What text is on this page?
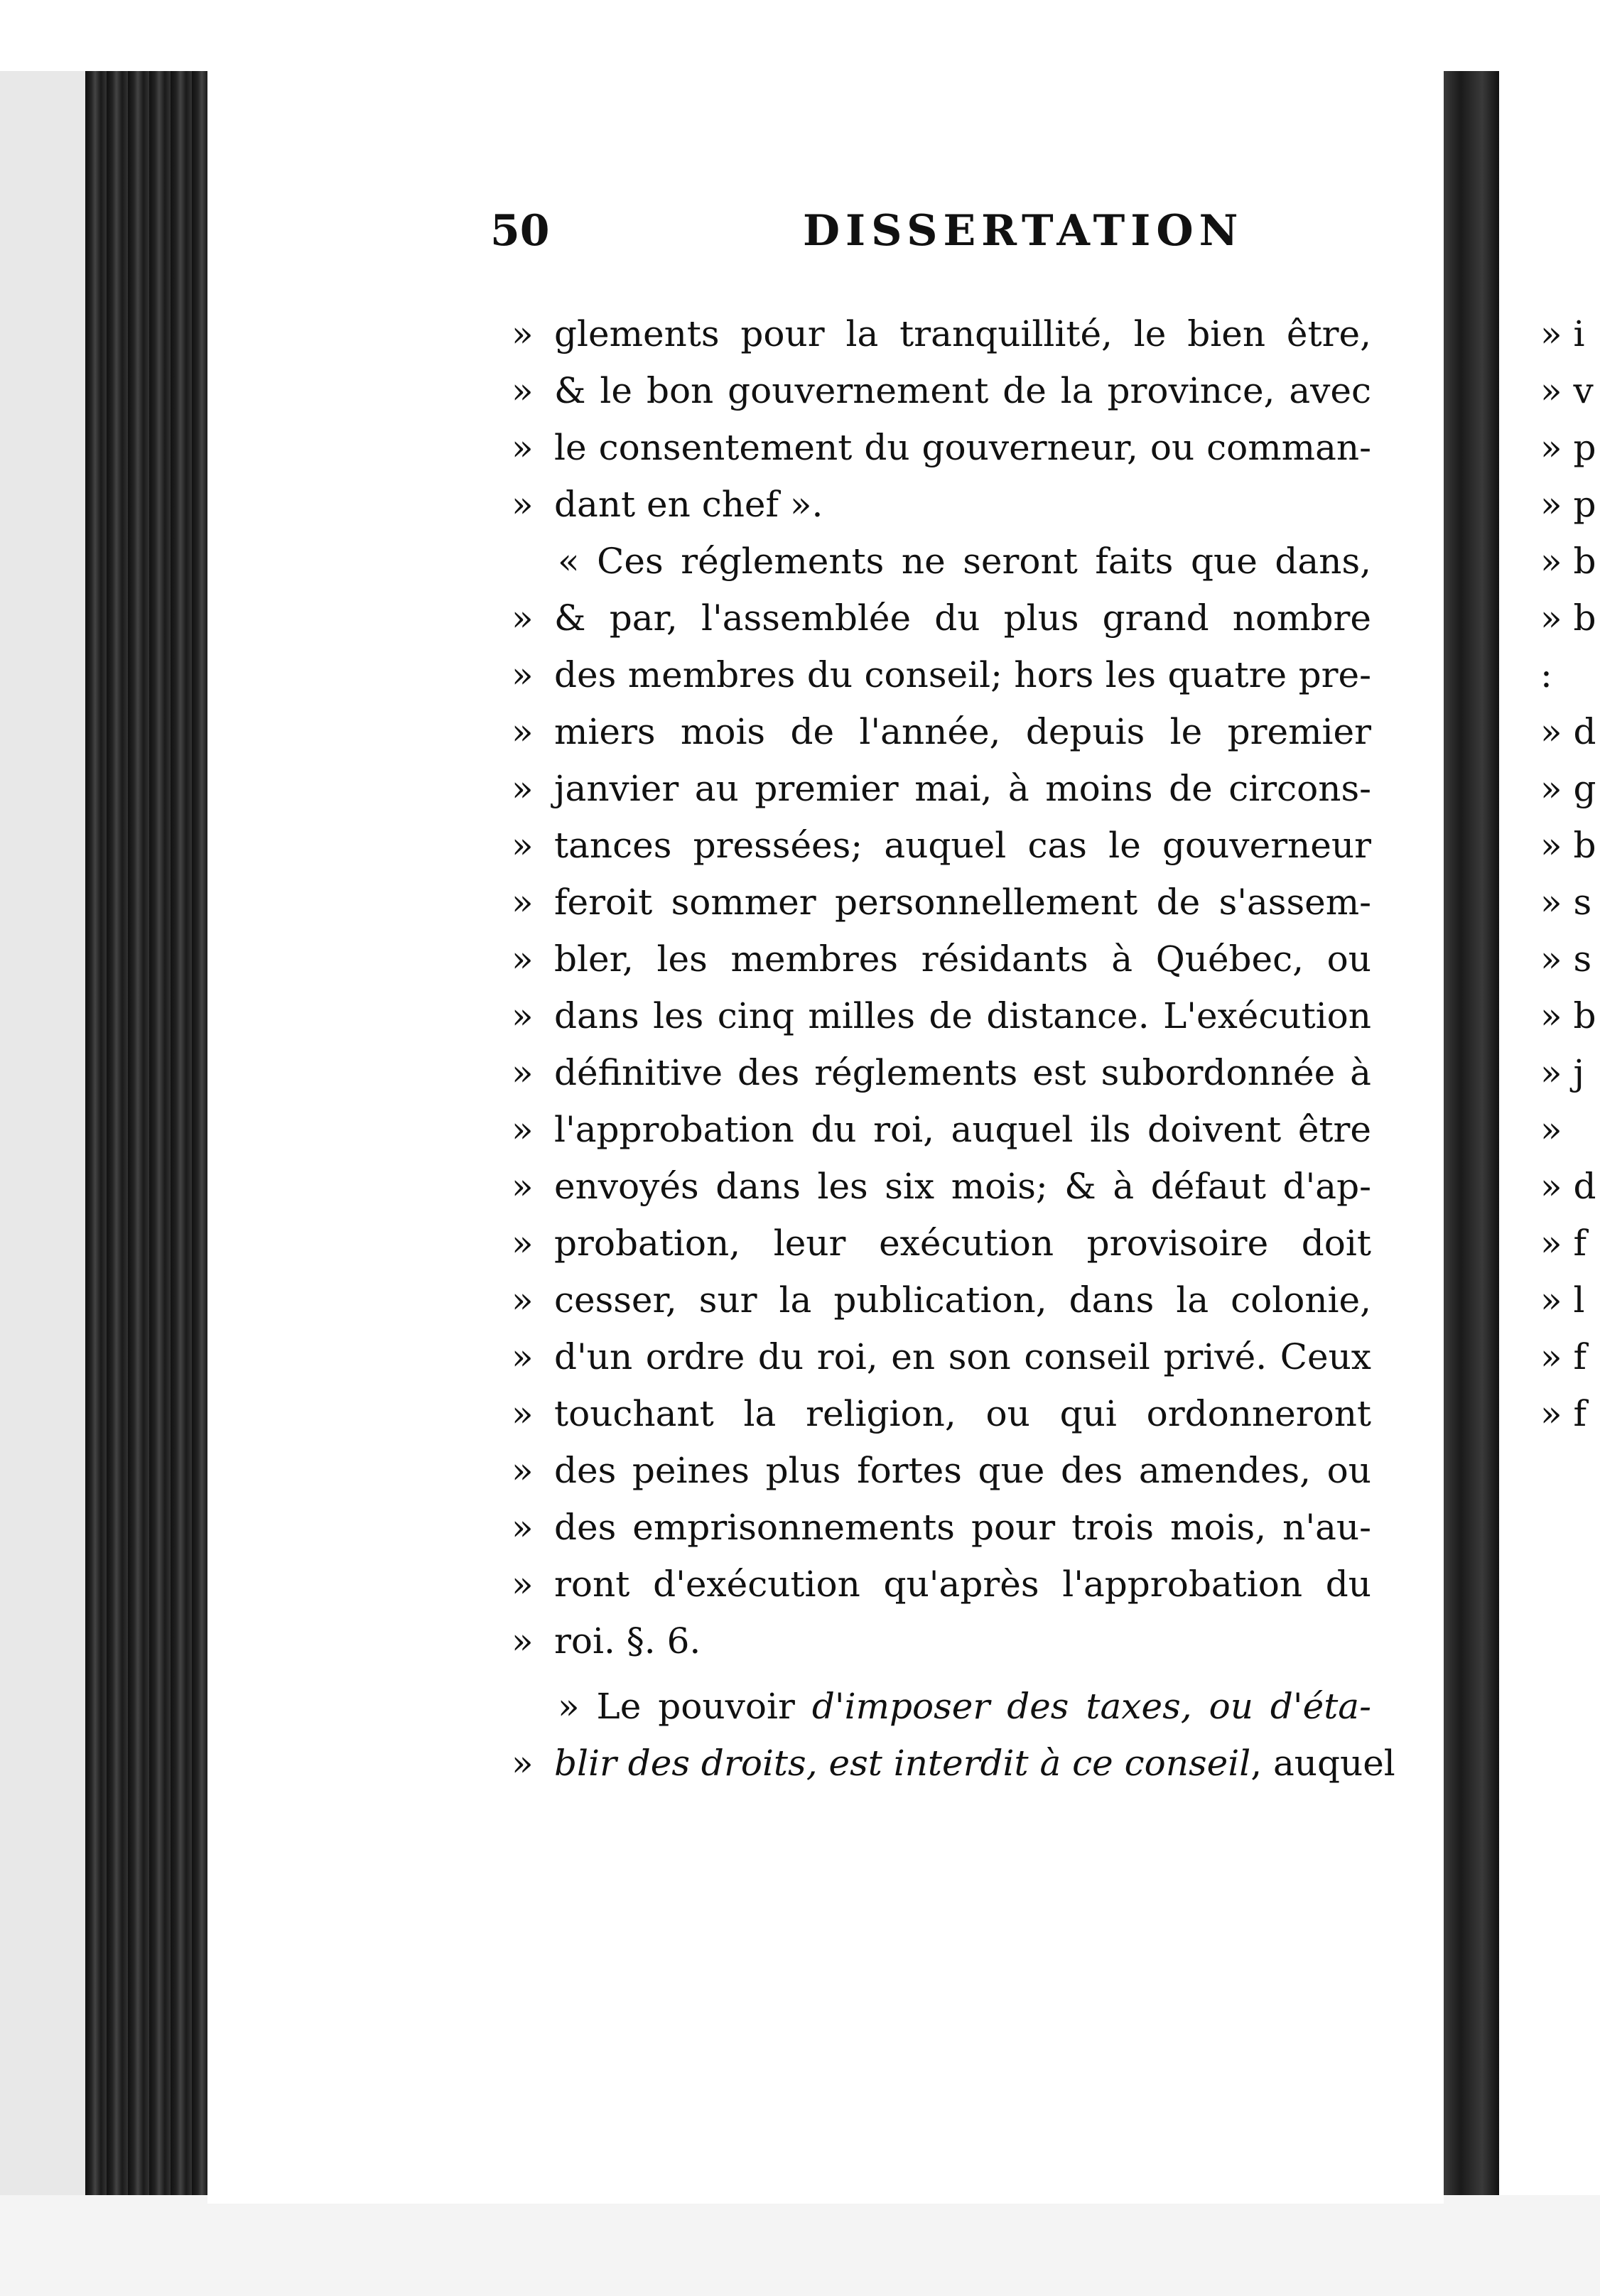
50	DISSERTATION
» glements pour la tranquillité, le bien être,
» & le bon gouvernement de la province, avec
» le consentement du gouverneur, ou comman-
» dant en chef ».
« Ces réglements ne seront faits que dans,
» & par, l'assemblée du plus grand nombre
» des membres du conseil; hors les quatre pre-
» miers mois de l'année, depuis le premier
» janvier au premier mai, à moins de circons-
» tances pressées; auquel cas le gouverneur
» feroit sommer personnellement de s'assem-
» bler, les membres résidants à Québec, ou
» dans les cinq milles de distance. L'exécution
» définitive des réglements est subordonnée à
» l'approbation du roi, auquel ils doivent être
» envoyés dans les six mois; & à défaut d'ap-
» probation, leur exécution provisoire doit
» cesser, sur la publication, dans la colonie,
» d'un ordre du roi, en son conseil privé. Ceux
» touchant la religion, ou qui ordonneront
» des peines plus fortes que des amendes, ou
» des emprisonnements pour trois mois, n'au-
» ront d'exécution qu'après l'approbation du
» roi. §. 6.
» Le pouvoir d'imposer des taxes, ou d'éta-
» blir des droits, est interdit à ce conseil, auquel
» i
» v
» p
» p
» b
» b
:
» d
» g
» b
» s
» s
» b
» j
»
» d
» f
» l
» f
» f
